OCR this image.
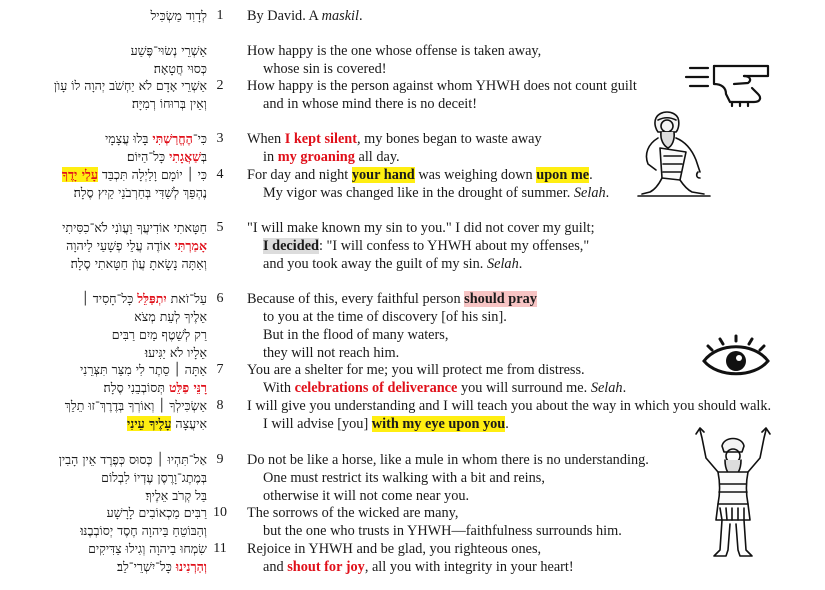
לְדָוִד מַשְׂכִּיל
אַשְׁרֵי נְשׂוּי־פֶּשַׁע
כְּסוּי חֲטָאָה׃
אַשְׁרֵי אָדָם לֹא יַחְשֹׁב יְהוָה לוֹ עָוֺן
וְאֵין בְּרוּחוֹ רְמִיָּה׃
כִּי־הֶחֱרַשְׁתִּי בָּלוּ עֲצָמָי
בְּשַׁאֲגָתִי כָּל־הַיּוֹם׃
כִּי ׀ יוֹמָם וָלַיְלָה תִּכְבַּד עָלַי יָדֶךָ
נֶהְפַּךְ לְשַׁדִּי בְּחַרְבֹנֵי קַיִץ סֶלָה׃
חַטָּאתִי אוֹדִיעֲךָ וַעֲוֺנִי לֹא־כִסִּיתִי
אָמַרְתִּי אוֹדֶה עֲלֵי פְשָׁעַי לַיהוָה
וְאַתָּה נָשָׂאתָ עֲוֺן חַטָּאתִי סֶלָה׃
עַל־זֹאת יִתְפַּלֵּל כָּל־חָסִיד ׀
אֵלֶיךָ לְעֵת מְצֹא
רַק לְשֵׁטֶף מַיִם רַבִּים
אֵלָיו לֹא יַגִּיעוּ׃
אַתָּה ׀ סֵתֶר לִי מִצַּר תִּצְּרֵנִי
רָנֵּי פַלֵּט תְּסוֹבְבֵנִי סֶלָה׃
אַשְׂכִּילְךָ ׀ וְאוֹרְךָ בְּדֶרֶךְ־זוּ תֵלֵךְ
אִיעֲצָה עָלֶיךָ עֵינִי
אַל־תִּהְיוּ ׀ כְּסוּס כְּפֶרֶד אֵין הָבִין
בְּמֶתֶג־וָרֶסֶן עֶדְיוֹ לִבְלוֹם
בַּל קְרֹב אֵלֶיךָ׃
רַבִּים מַכְאוֹבִים לָרָשָׁע
וְהַבּוֹטֵחַ בַּיהוָה חֶסֶד יְסוֹבְבֶנּוּ׃
שִׂמְחוּ בַיהוָה וְגִילוּ צַדִּיקִים
וְהַרְנִינוּ כָּל־יִשְׁרֵי־לֵב׃
1
2
3
4
5
6
7
8
9
10
11
By David. A maskil.
How happy is the one whose offense is taken away,
whose sin is covered!
How happy is the person against whom YHWH does not count guilt
and in whose mind there is no deceit!
When I kept silent, my bones began to waste away
in my groaning all day.
For day and night your hand was weighing down upon me.
My vigor was changed like in the drought of summer. Selah.
"I will make known my sin to you." I did not cover my guilt;
I decided: "I will confess to YHWH about my offenses,"
and you took away the guilt of my sin. Selah.
Because of this, every faithful person should pray
to you at the time of discovery [of his sin].
But in the flood of many waters,
they will not reach him.
You are a shelter for me; you will protect me from distress.
With celebrations of deliverance you will surround me. Selah.
I will give you understanding and I will teach you about the way in which you should walk.
I will advise [you] with my eye upon you.
Do not be like a horse, like a mule in whom there is no understanding.
One must restrict its walking with a bit and reins,
otherwise it will not come near you.
The sorrows of the wicked are many,
but the one who trusts in YHWH—faithfulness surrounds him.
Rejoice in YHWH and be glad, you righteous ones,
and shout for joy, all you with integrity in your heart!
